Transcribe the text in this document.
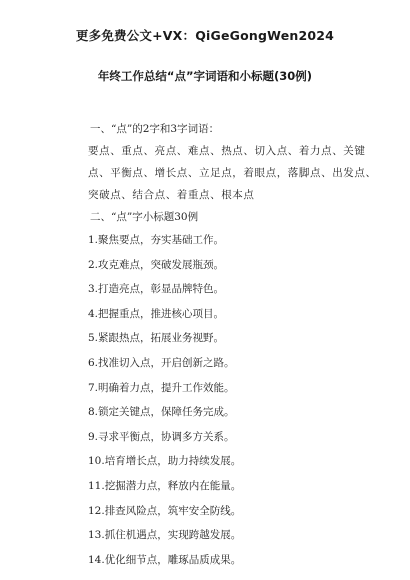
更多免费公文+VX：QiGeGongWen2024
年终工作总结“点”字词语和小标题(30例)
一、“点”的2字和3字词语：
要点、重点、亮点、难点、热点、切入点、着力点、关键点、平衡点、增长点、立足点，着眼点，落脚点、出发点、突破点、结合点、着重点、根本点
二、“点”字小标题30例
1.聚焦要点，夯实基础工作。
2.攻克难点，突破发展瓶颈。
3.打造亮点，彰显品牌特色。
4.把握重点，推进核心项目。
5.紧跟热点，拓展业务视野。
6.找准切入点，开启创新之路。
7.明确着力点，提升工作效能。
8.锁定关键点，保障任务完成。
9.寻求平衡点，协调多方关系。
10.培育增长点，助力持续发展。
11.挖掘潜力点，释放内在能量。
12.排查风险点，筑牢安全防线。
13.抓住机遇点，实现跨越发展。
14.优化细节点，雕琢品质成果。
